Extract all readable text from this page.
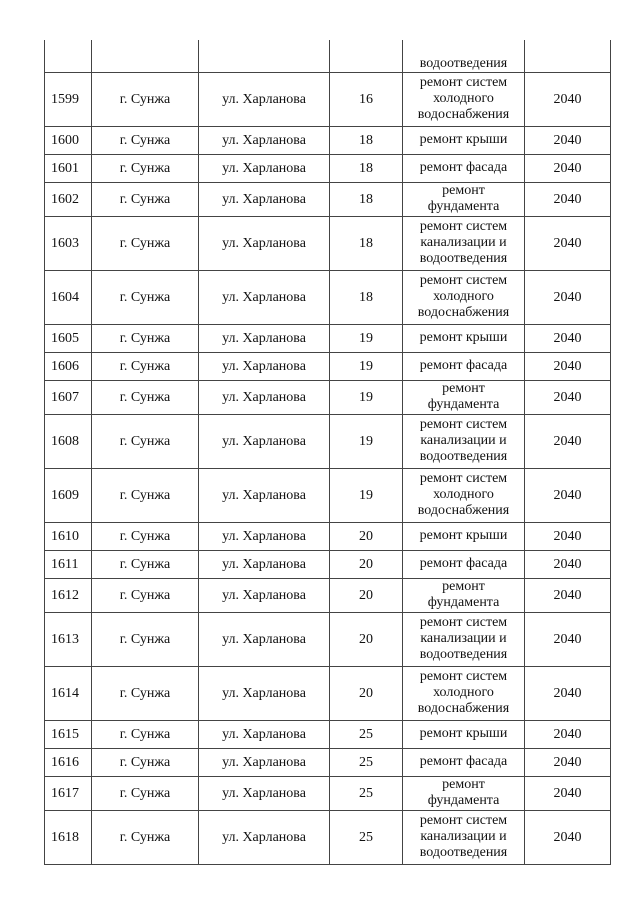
				водоотведения	
1599	г. Сунжа	ул. Харланова	16	ремонт систем холодного водоснабжения	2040
1600	г. Сунжа	ул. Харланова	18	ремонт крыши	2040
1601	г. Сунжа	ул. Харланова	18	ремонт фасада	2040
1602	г. Сунжа	ул. Харланова	18	ремонт фундамента	2040
1603	г. Сунжа	ул. Харланова	18	ремонт систем канализации и водоотведения	2040
1604	г. Сунжа	ул. Харланова	18	ремонт систем холодного водоснабжения	2040
1605	г. Сунжа	ул. Харланова	19	ремонт крыши	2040
1606	г. Сунжа	ул. Харланова	19	ремонт фасада	2040
1607	г. Сунжа	ул. Харланова	19	ремонт фундамента	2040
1608	г. Сунжа	ул. Харланова	19	ремонт систем канализации и водоотведения	2040
1609	г. Сунжа	ул. Харланова	19	ремонт систем холодного водоснабжения	2040
1610	г. Сунжа	ул. Харланова	20	ремонт крыши	2040
1611	г. Сунжа	ул. Харланова	20	ремонт фасада	2040
1612	г. Сунжа	ул. Харланова	20	ремонт фундамента	2040
1613	г. Сунжа	ул. Харланова	20	ремонт систем канализации и водоотведения	2040
1614	г. Сунжа	ул. Харланова	20	ремонт систем холодного водоснабжения	2040
1615	г. Сунжа	ул. Харланова	25	ремонт крыши	2040
1616	г. Сунжа	ул. Харланова	25	ремонт фасада	2040
1617	г. Сунжа	ул. Харланова	25	ремонт фундамента	2040
1618	г. Сунжа	ул. Харланова	25	ремонт систем канализации и водоотведения	2040
